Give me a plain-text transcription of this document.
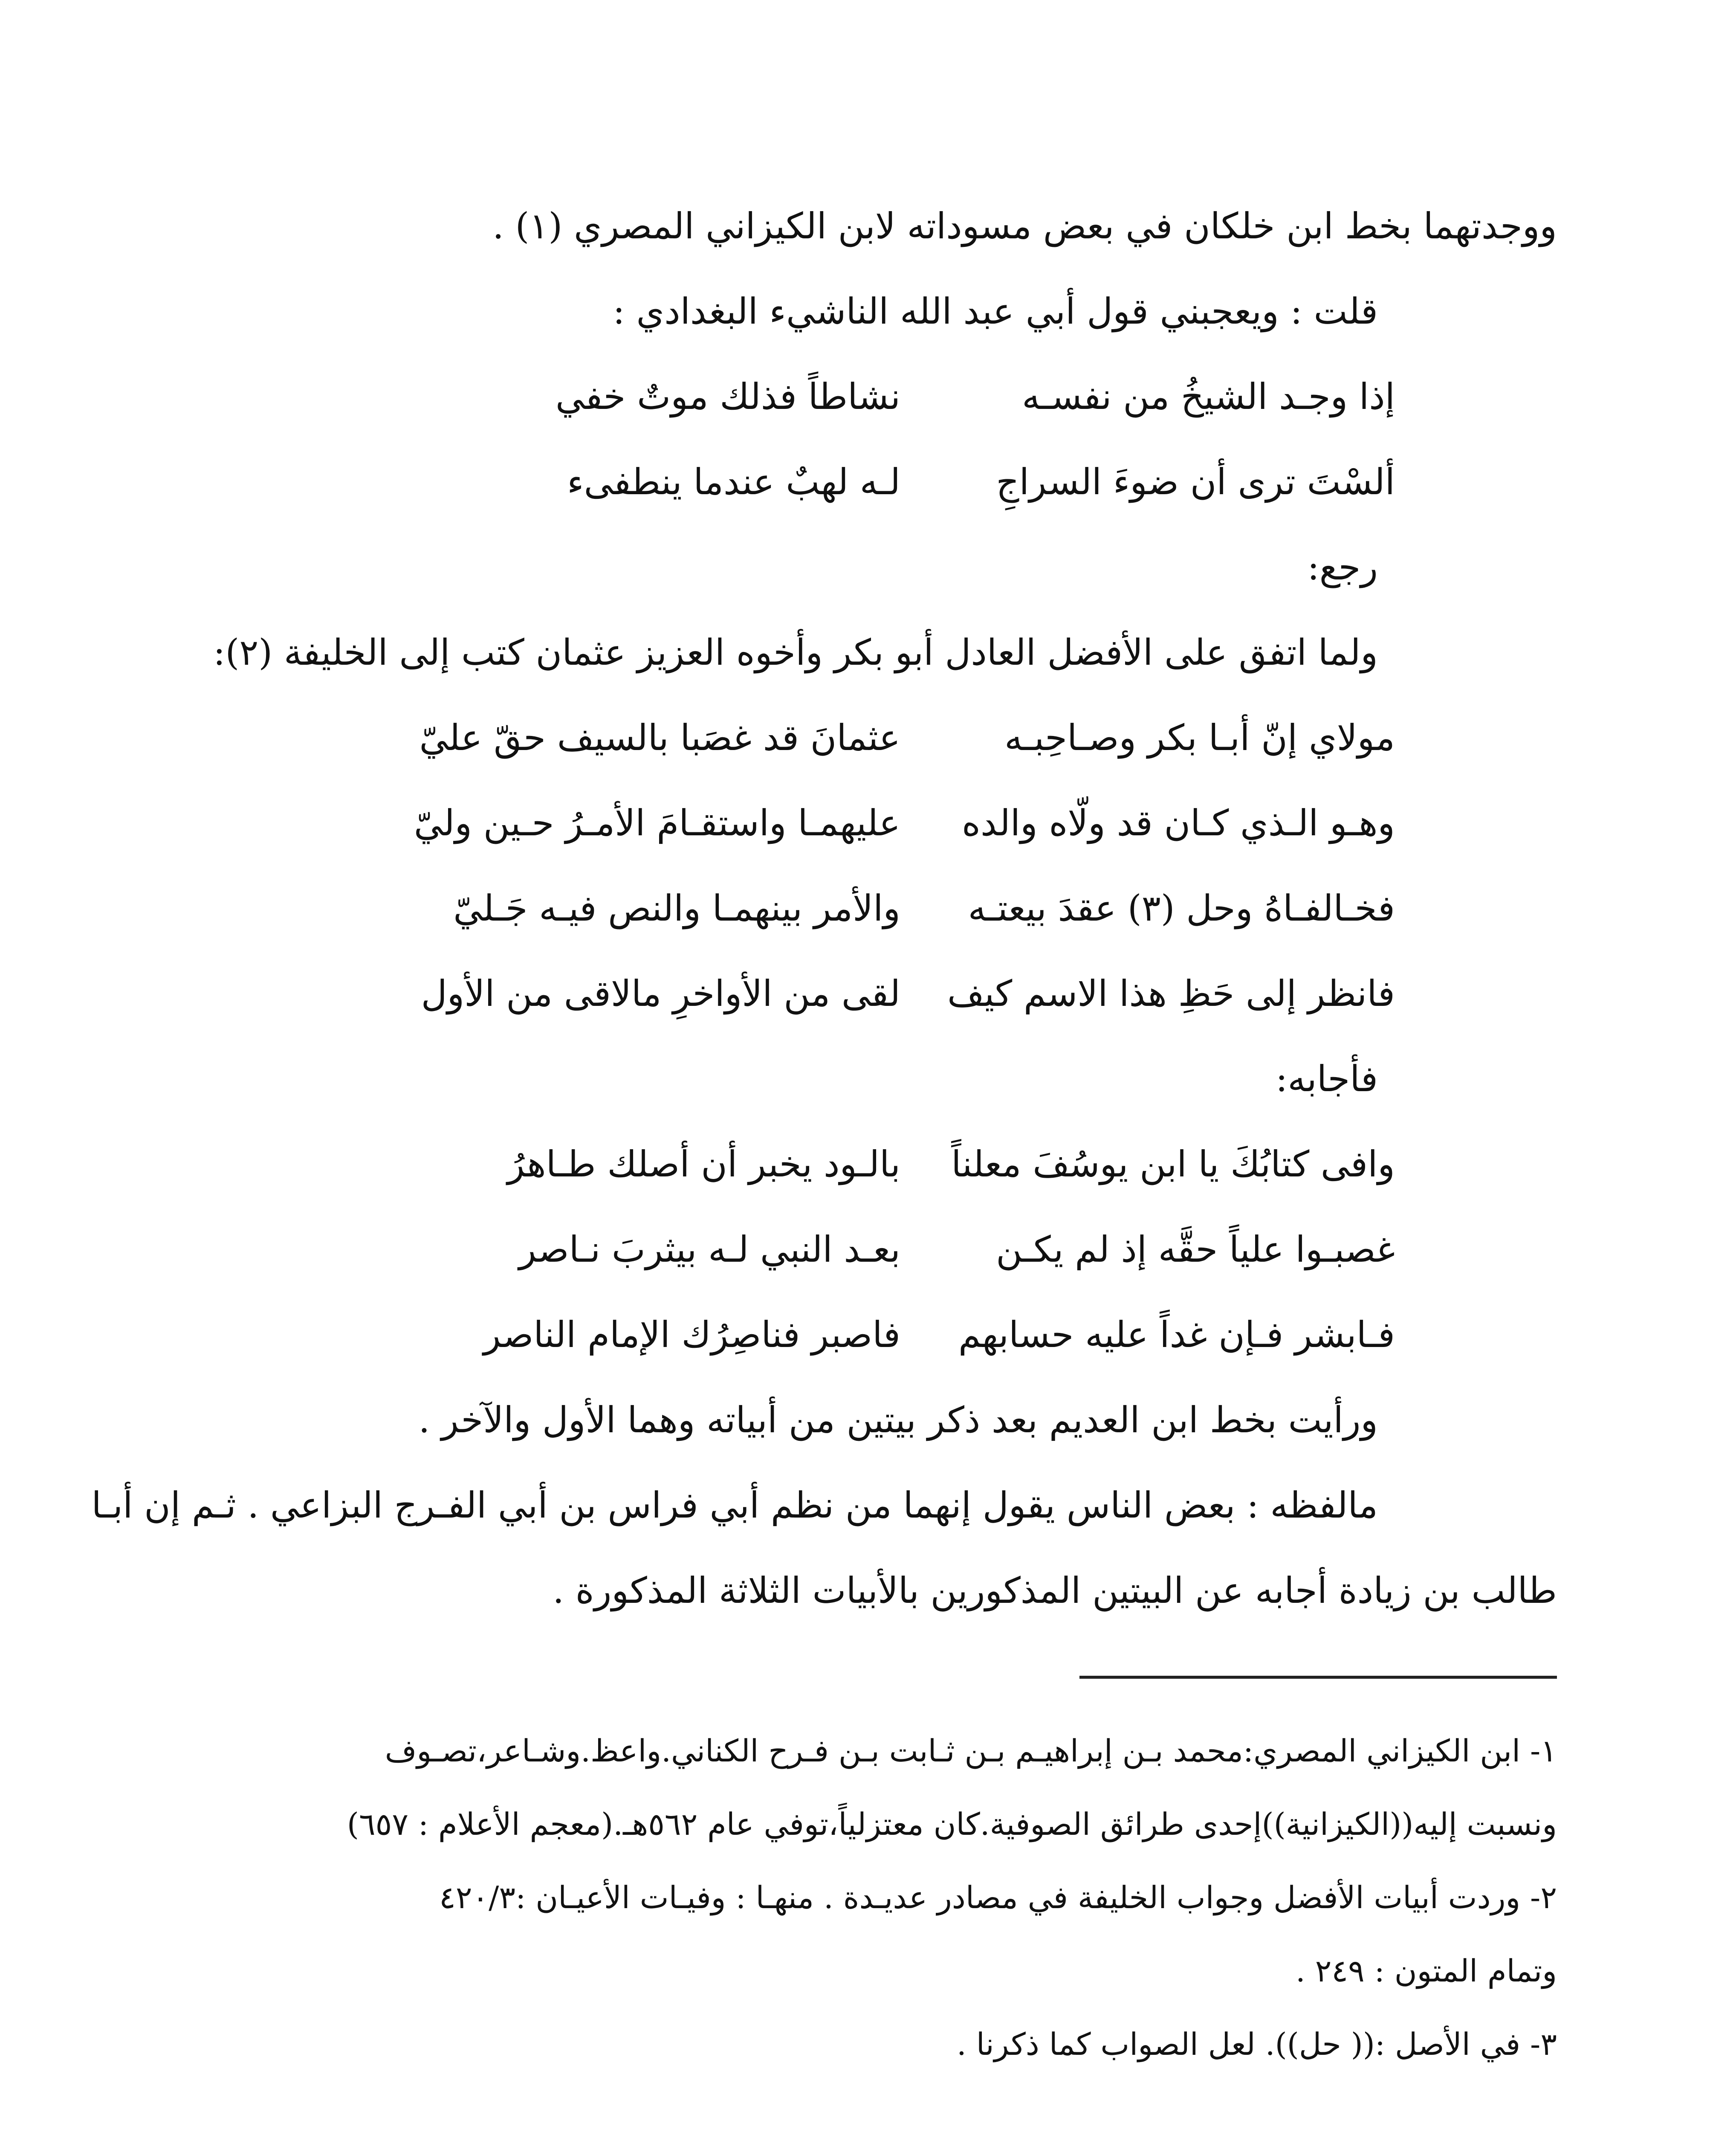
ووجدتهما بخط ابن خلكان في بعض مسوداته لابن الكيزاني المصري (١) .
قلت : ويعجبني قول أبي عبد الله الناشيء البغدادي :
إذا وجـد الشيخُ من نفسـه
نشاطاً فذلك موتٌ خفي
ألسْتَ ترى أن ضوءَ السراجِ
لـه لهبٌ عندما ينطفىء
رجع:
ولما اتفق على الأفضل العادل أبو بكر وأخوه العزيز عثمان كتب إلى الخليفة (٢):
مولاي إنّ أبـا بكر وصـاحِبـه
عثمانَ قد غصَبا بالسيف حقّ عليّ
وهـو الـذي كـان قد ولّاه والده
عليهمـا واستقـامَ الأمـرُ حـين وليّ
فخـالفـاهُ وحل (٣) عقدَ بيعتـه
والأمر بينهمـا والنص فيـه جَـليّ
فانظر إلى حَظِ هذا الاسم كيف
لقى من الأواخرِ مالاقى من الأول
فأجابه:
وافى كتابُكَ يا ابن يوسُفَ معلناً
بالـود يخبر أن أصلك طـاهرُ
غصبـوا علياً حقَّه إذ لم يكـن
بعـد النبي لـه بيثربَ نـاصر
فـابشر فـإن غداً عليه حسابهم
فاصبر فناصِرُك الإمام الناصر
ورأيت بخط ابن العديم بعد ذكر بيتين من أبياته وهما الأول والآخر .
مالفظه : بعض الناس يقول إنهما من نظم أبي فراس بن أبي الفـرج البزاعي . ثـم إن أبـا
طالب بن زيادة أجابه عن البيتين المذكورين بالأبيات الثلاثة المذكورة .
١- ابن الكيزاني المصري:محمد بـن إبراهيـم بـن ثـابت بـن فـرح الكناني.واعظ.وشـاعر،تصـوف
ونسبت إليه((الكيزانية))إحدى طرائق الصوفية.كان معتزلياً،توفي عام ٥٦٢هـ.(معجم الأعلام : ٦٥٧)
٢- وردت أبيات الأفضل وجواب الخليفة في مصادر عديـدة . منهـا : وفيـات الأعيـان :٤٢٠/٣
وتمام المتون : ٢٤٩ .
٣- في الأصل :(( حل)). لعل الصواب كما ذكرنا .
